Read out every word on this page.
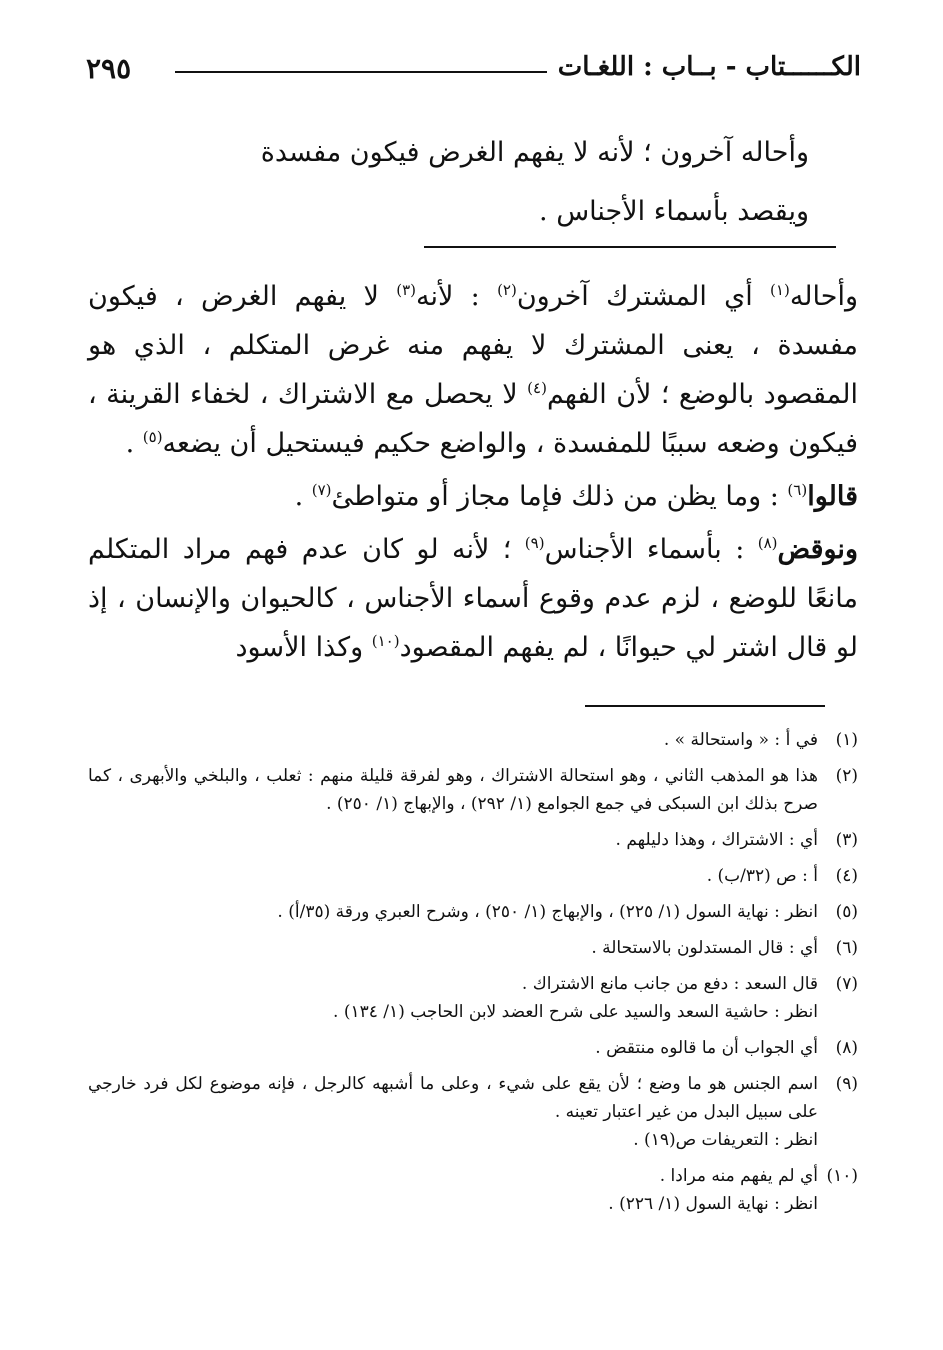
الكــــــتاب - بــاب : اللغـات
٢٩٥
وأحاله آخرون ؛ لأنه لا يفهم الغرض فيكون مفسدة
ويقصد بأسماء الأجناس .

وأحاله$^{(١)}$ أي المشترك آخرون$^{(٢)}$ : لأنه$^{(٣)}$ لا يفهم الغرض ، فيكون مفسدة ، يعنى المشترك لا يفهم منه غرض المتكلم ، الذي هو المقصود بالوضع ؛ لأن الفهم$^{(٤)}$ لا يحصل مع الاشتراك ، لخفاء القرينة ، فيكون وضعه سببًا للمفسدة ، والواضع حكيم فيستحيل أن يضعه$^{(٥)}$ .

قالوا$^{(٦)}$ : وما يظن من ذلك فإما مجاز أو متواطئ$^{(٧)}$ .

ونوقض$^{(٨)}$ : بأسماء الأجناس$^{(٩)}$ ؛ لأنه لو كان عدم فهم مراد المتكلم مانعًا للوضع ، لزم عدم وقوع أسماء الأجناس ، كالحيوان والإنسان ، إذ لو قال اشتر لي حيوانًا ، لم يفهم المقصود$^{(١٠)}$ وكذا الأسود

(١)
في أ : « واستحالة » .
(٢)
هذا هو المذهب الثاني ، وهو استحالة الاشتراك ، وهو لفرقة قليلة منهم : ثعلب ، والبلخي والأبهرى ، كما صرح بذلك ابن السبكى في جمع الجوامع (١/ ٢٩٢) ، والإبهاج (١/ ٢٥٠) .
(٣)
أي : الاشتراك ، وهذا دليلهم .
(٤)
أ : ص (٣٢/ب) .
(٥)
انظر : نهاية السول (١/ ٢٢٥) ، والإبهاج (١/ ٢٥٠) ، وشرح العبري ورقة (٣٥/أ) .
(٦)
أي : قال المستدلون بالاستحالة .
(٧)
قال السعد : دفع من جانب مانع الاشتراك .
انظر : حاشية السعد والسيد على شرح العضد لابن الحاجب (١/ ١٣٤) .
(٨)
أي الجواب أن ما قالوه منتقض .
(٩)
اسم الجنس هو ما وضع ؛ لأن يقع على شيء ، وعلى ما أشبهه كالرجل ، فإنه موضوع لكل فرد خارجي على سبيل البدل من غير اعتبار تعينه .
انظر : التعريفات ص(١٩) .
(١٠)
أي لم يفهم منه مرادا .
انظر : نهاية السول (١/ ٢٢٦) .
